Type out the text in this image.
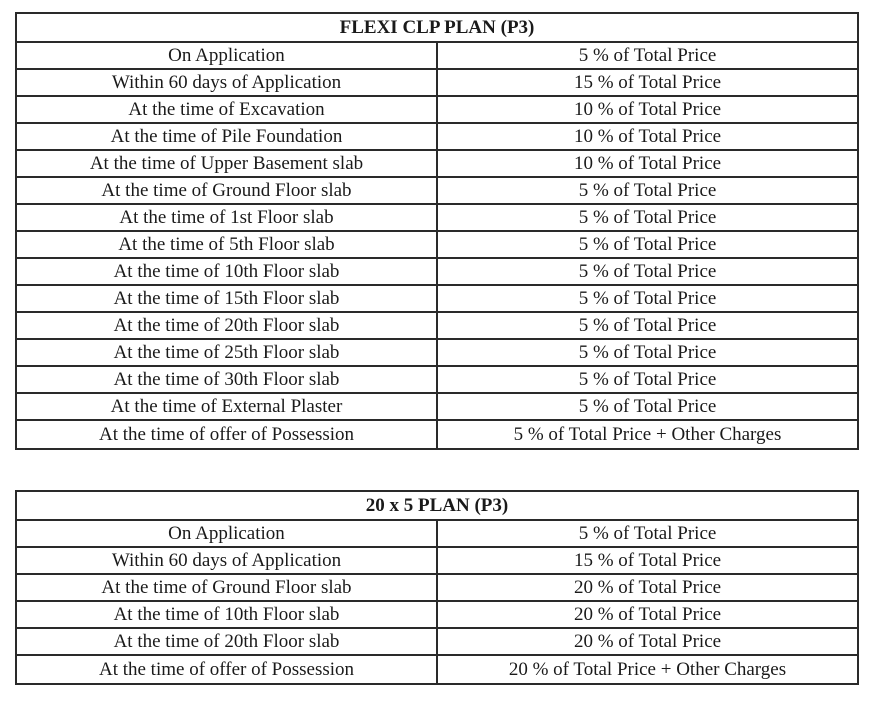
FLEXI CLP PLAN (P3)	
On Application	5 % of Total Price
Within 60 days of Application	15 % of Total Price
At the time of Excavation	10 % of Total Price
At the time of Pile Foundation	10 % of Total Price
At the time of Upper Basement slab	10 % of Total Price
At the time of Ground Floor slab	5 % of Total Price
At the time of 1st Floor slab	5 % of Total Price
At the time of 5th Floor slab	5 % of Total Price
At the time of 10th Floor slab	5 % of Total Price
At the time of 15th Floor slab	5 % of Total Price
At the time of 20th Floor slab	5 % of Total Price
At the time of 25th Floor slab	5 % of Total Price
At the time of 30th Floor slab	5 % of Total Price
At the time of External Plaster	5 % of Total Price
At the time of offer of Possession	5 % of Total Price + Other Charges
20 x 5 PLAN (P3)	
On Application	5 % of Total Price
Within 60 days of Application	15 % of Total Price
At the time of Ground Floor slab	20 % of Total Price
At the time of 10th Floor slab	20 % of Total Price
At the time of 20th Floor slab	20 % of Total Price
At the time of offer of Possession	20 % of Total Price + Other Charges
